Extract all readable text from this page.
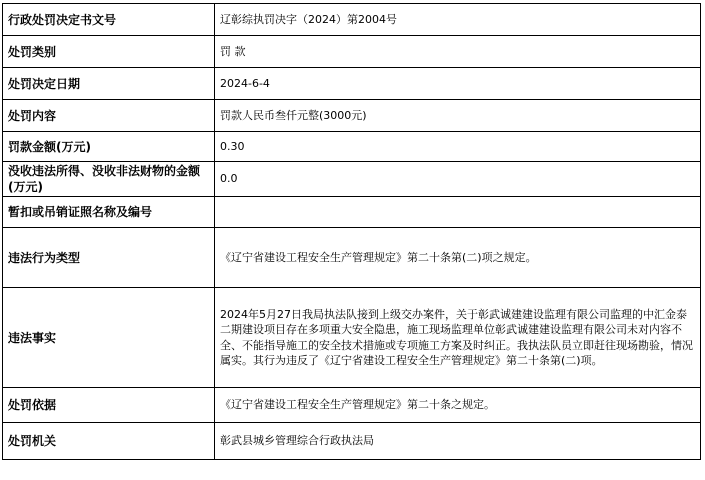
行政处罚决定书文号	辽彰综执罚决字（2024）第2004号
处罚类别	罚 款
处罚决定日期	2024-6-4
处罚内容	罚款人民币叁仟元整(3000元)
罚款金额(万元)	0.30
没收违法所得、没收非法财物的金额(万元)	0.0
暂扣或吊销证照名称及编号	
违法行为类型	《辽宁省建设工程安全生产管理规定》第二十条第(二)项之规定。
违法事实	2024年5月27日我局执法队接到上级交办案件，关于彰武诚建建设监理有限公司监理的中汇金泰二期建设项目存在多项重大安全隐患，施工现场监理单位彰武诚建建设监理有限公司未对内容不全、不能指导施工的安全技术措施或专项施工方案及时纠正。我执法队员立即赶往现场勘验，情况属实。其行为违反了《辽宁省建设工程安全生产管理规定》第二十条第(二)项。
处罚依据	《辽宁省建设工程安全生产管理规定》第二十条之规定。
处罚机关	彰武县城乡管理综合行政执法局
